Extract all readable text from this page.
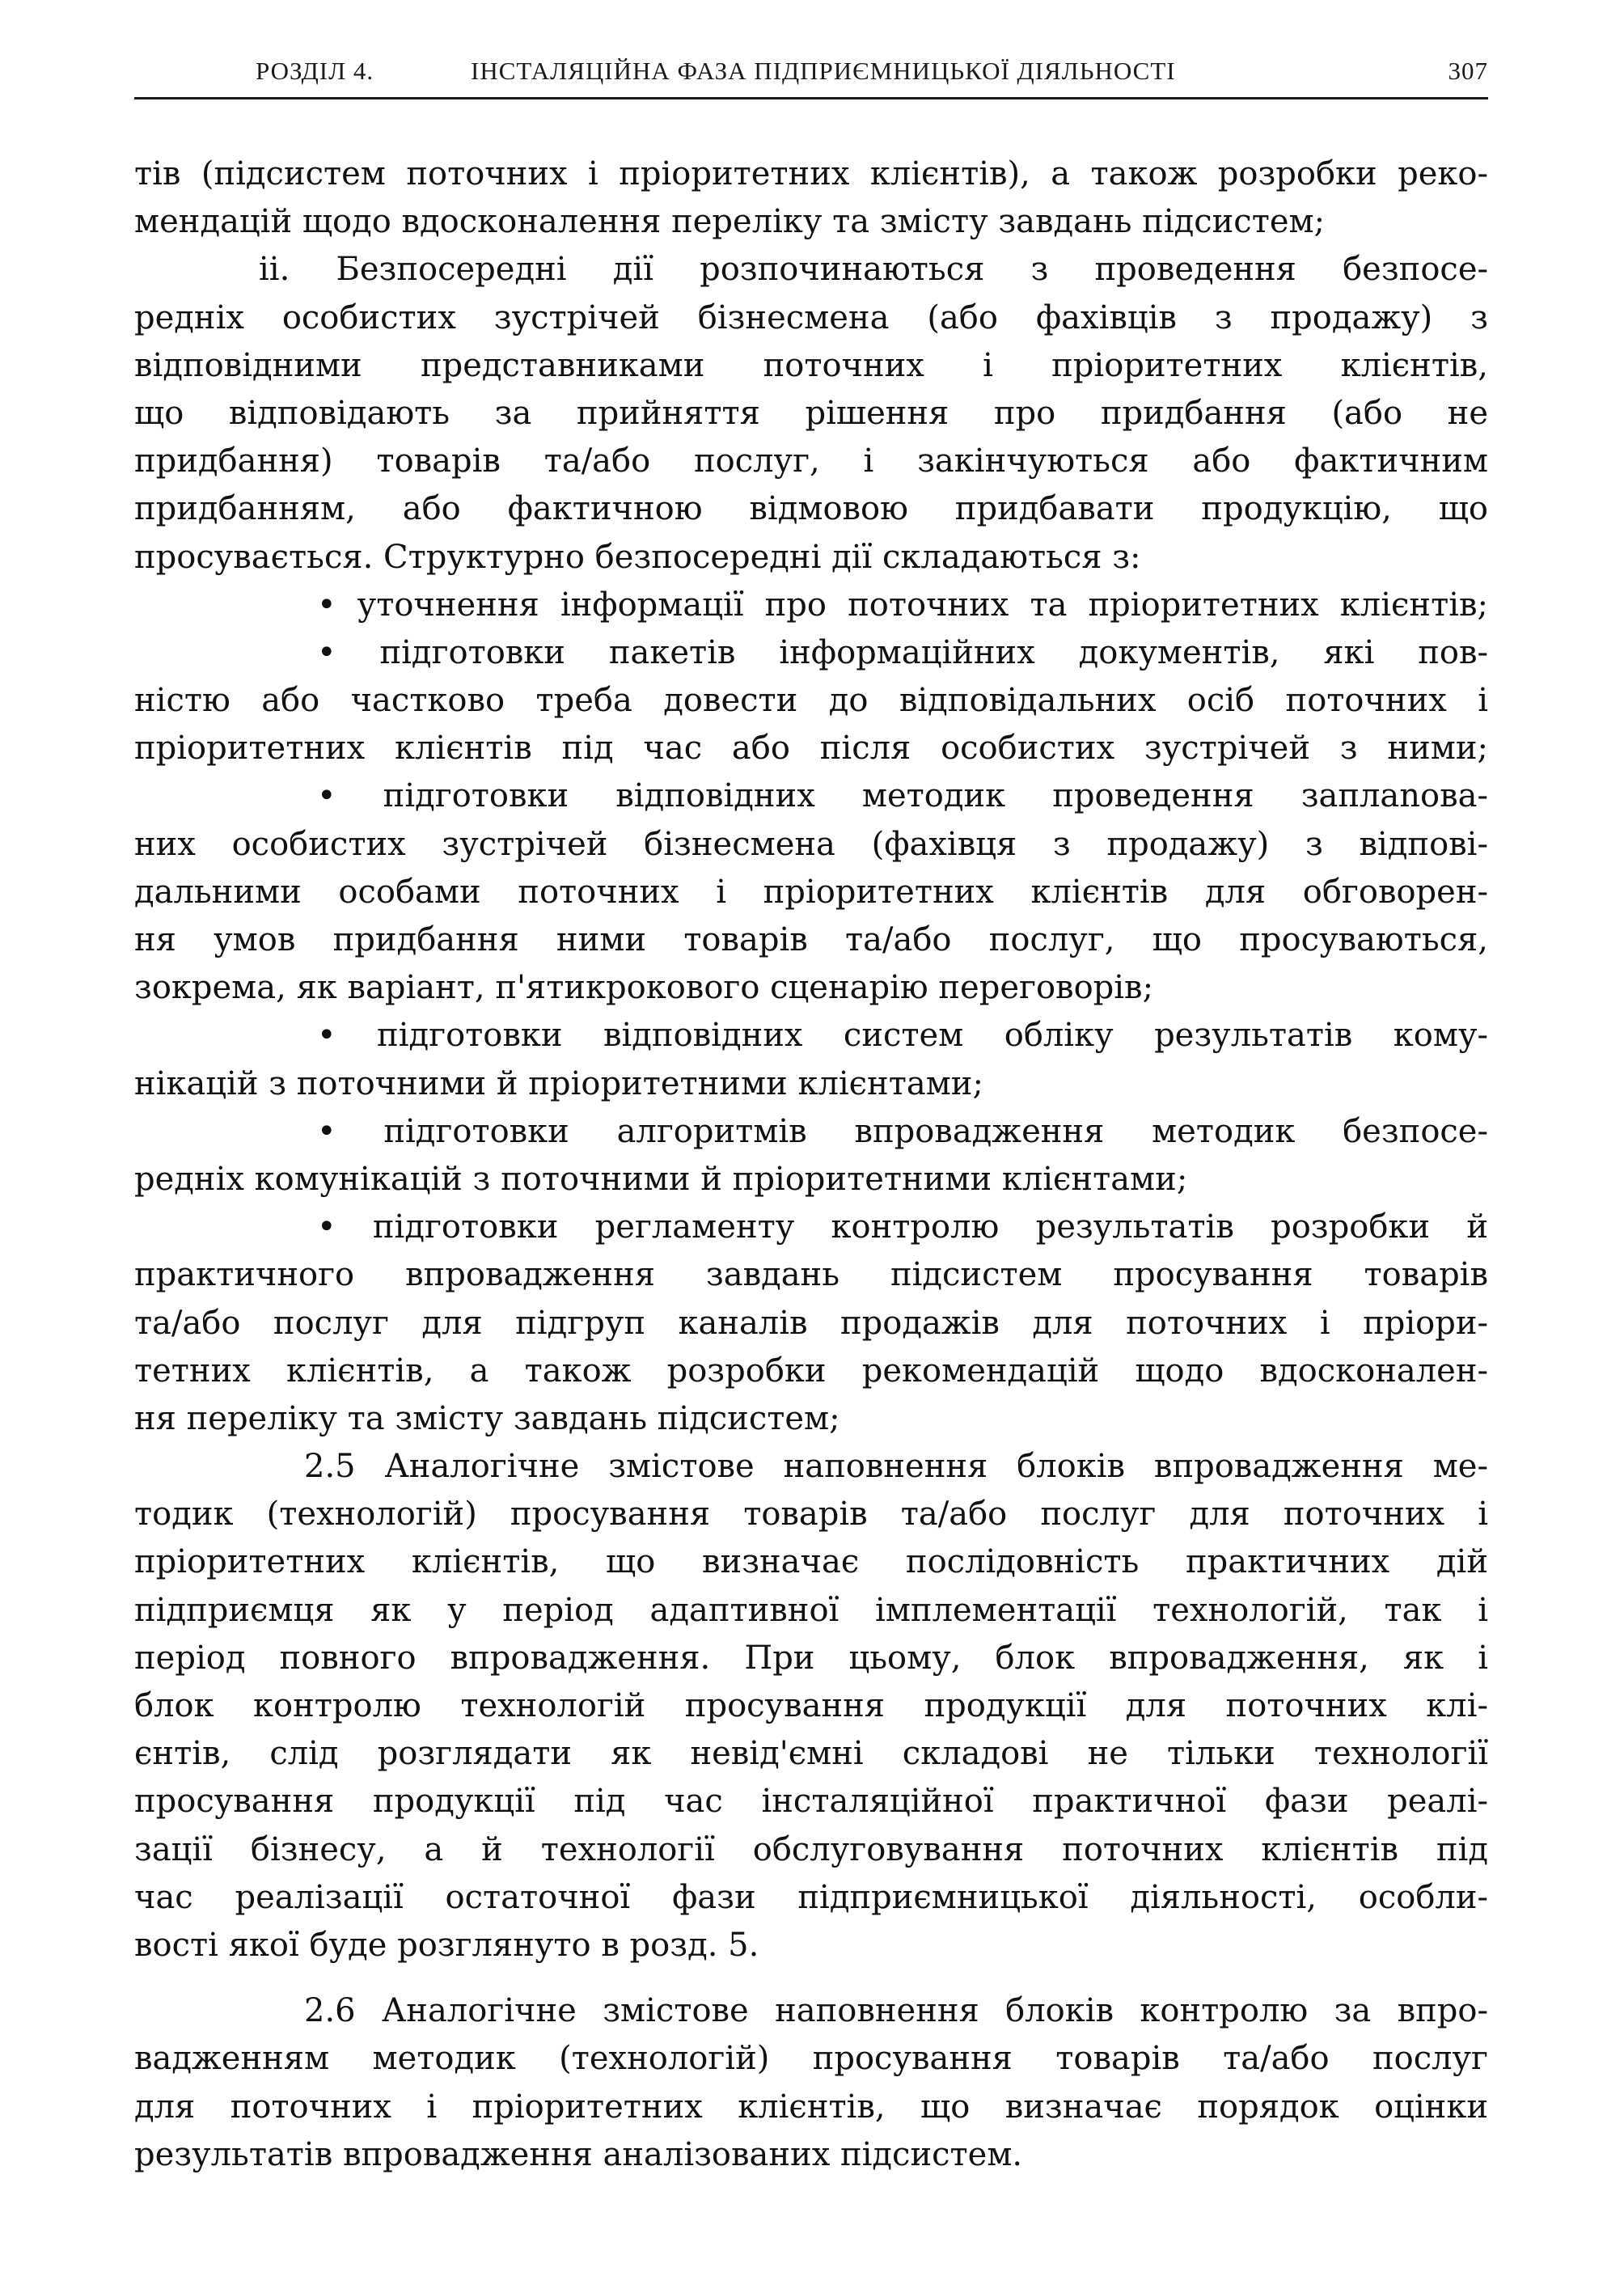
РОЗДІЛ 4.	ІНСТАЛЯЦІЙНА ФАЗА ПІДПРИЄМНИЦЬКОЇ ДІЯЛЬНОСТІ	307
тів (підсистем поточних і пріоритетних клієнтів), а також розробки реко-
мендацій щодо вдосконалення переліку та змісту завдань підсистем;
ii. Безпосередні дії розпочинаються з проведення безпосе-
редніх особистих зустрічей бізнесмена (або фахівців з продажу) з
відповідними представниками поточних і пріоритетних клієнтів,
що відповідають за прийняття рішення про придбання (або не
придбання) товарів та/або послуг, і закінчуються або фактичним
придбанням, або фактичною відмовою придбавати продукцію, що
просувається. Структурно безпосередні дії складаються з:
• уточнення інформації про поточних та пріоритетних клієнтів;
• підготовки пакетів інформаційних документів, які пов-
ністю або частково треба довести до відповідальних осіб поточних і
пріоритетних клієнтів під час або після особистих зустрічей з ними;
• підготовки відповідних методик проведення заплanова-
них особистих зустрічей бізнесмена (фахівця з продажу) з відпові-
дальними особами поточних і пріоритетних клієнтів для обговорен-
ня умов придбання ними товарів та/або послуг, що просуваються,
зокрема, як варіант, п'ятикрокового сценарію переговорів;
• підготовки відповідних систем обліку результатів кому-
нікацій з поточними й пріоритетними клієнтами;
• підготовки алгоритмів впровадження методик безпосе-
редніх комунікацій з поточними й пріоритетними клієнтами;
• підготовки регламенту контролю результатів розробки й
практичного впровадження завдань підсистем просування товарів
та/або послуг для підгруп каналів продажів для поточних і пріори-
тетних клієнтів, а також розробки рекомендацій щодо вдосконален-
ня переліку та змісту завдань підсистем;
2.5 Аналогічне змістове наповнення блоків впровадження ме-
тодик (технологій) просування товарів та/або послуг для поточних і
пріоритетних клієнтів, що визначає послідовність практичних дій
підприємця як у період адаптивної імплементації технологій, так і
період повного впровадження. При цьому, блок впровадження, як і
блок контролю технологій просування продукції для поточних клі-
єнтів, слід розглядати як невід'ємні складові не тільки технології
просування продукції під час інсталяційної практичної фази реалі-
зації бізнесу, а й технології обслуговування поточних клієнтів під
час реалізації остаточної фази підприємницької діяльності, особли-
вості якої буде розглянуто в розд. 5.
2.6 Аналогічне змістове наповнення блоків контролю за впро-
вадженням методик (технологій) просування товарів та/або послуг
для поточних і пріоритетних клієнтів, що визначає порядок оцінки
результатів впровадження аналізованих підсистем.
